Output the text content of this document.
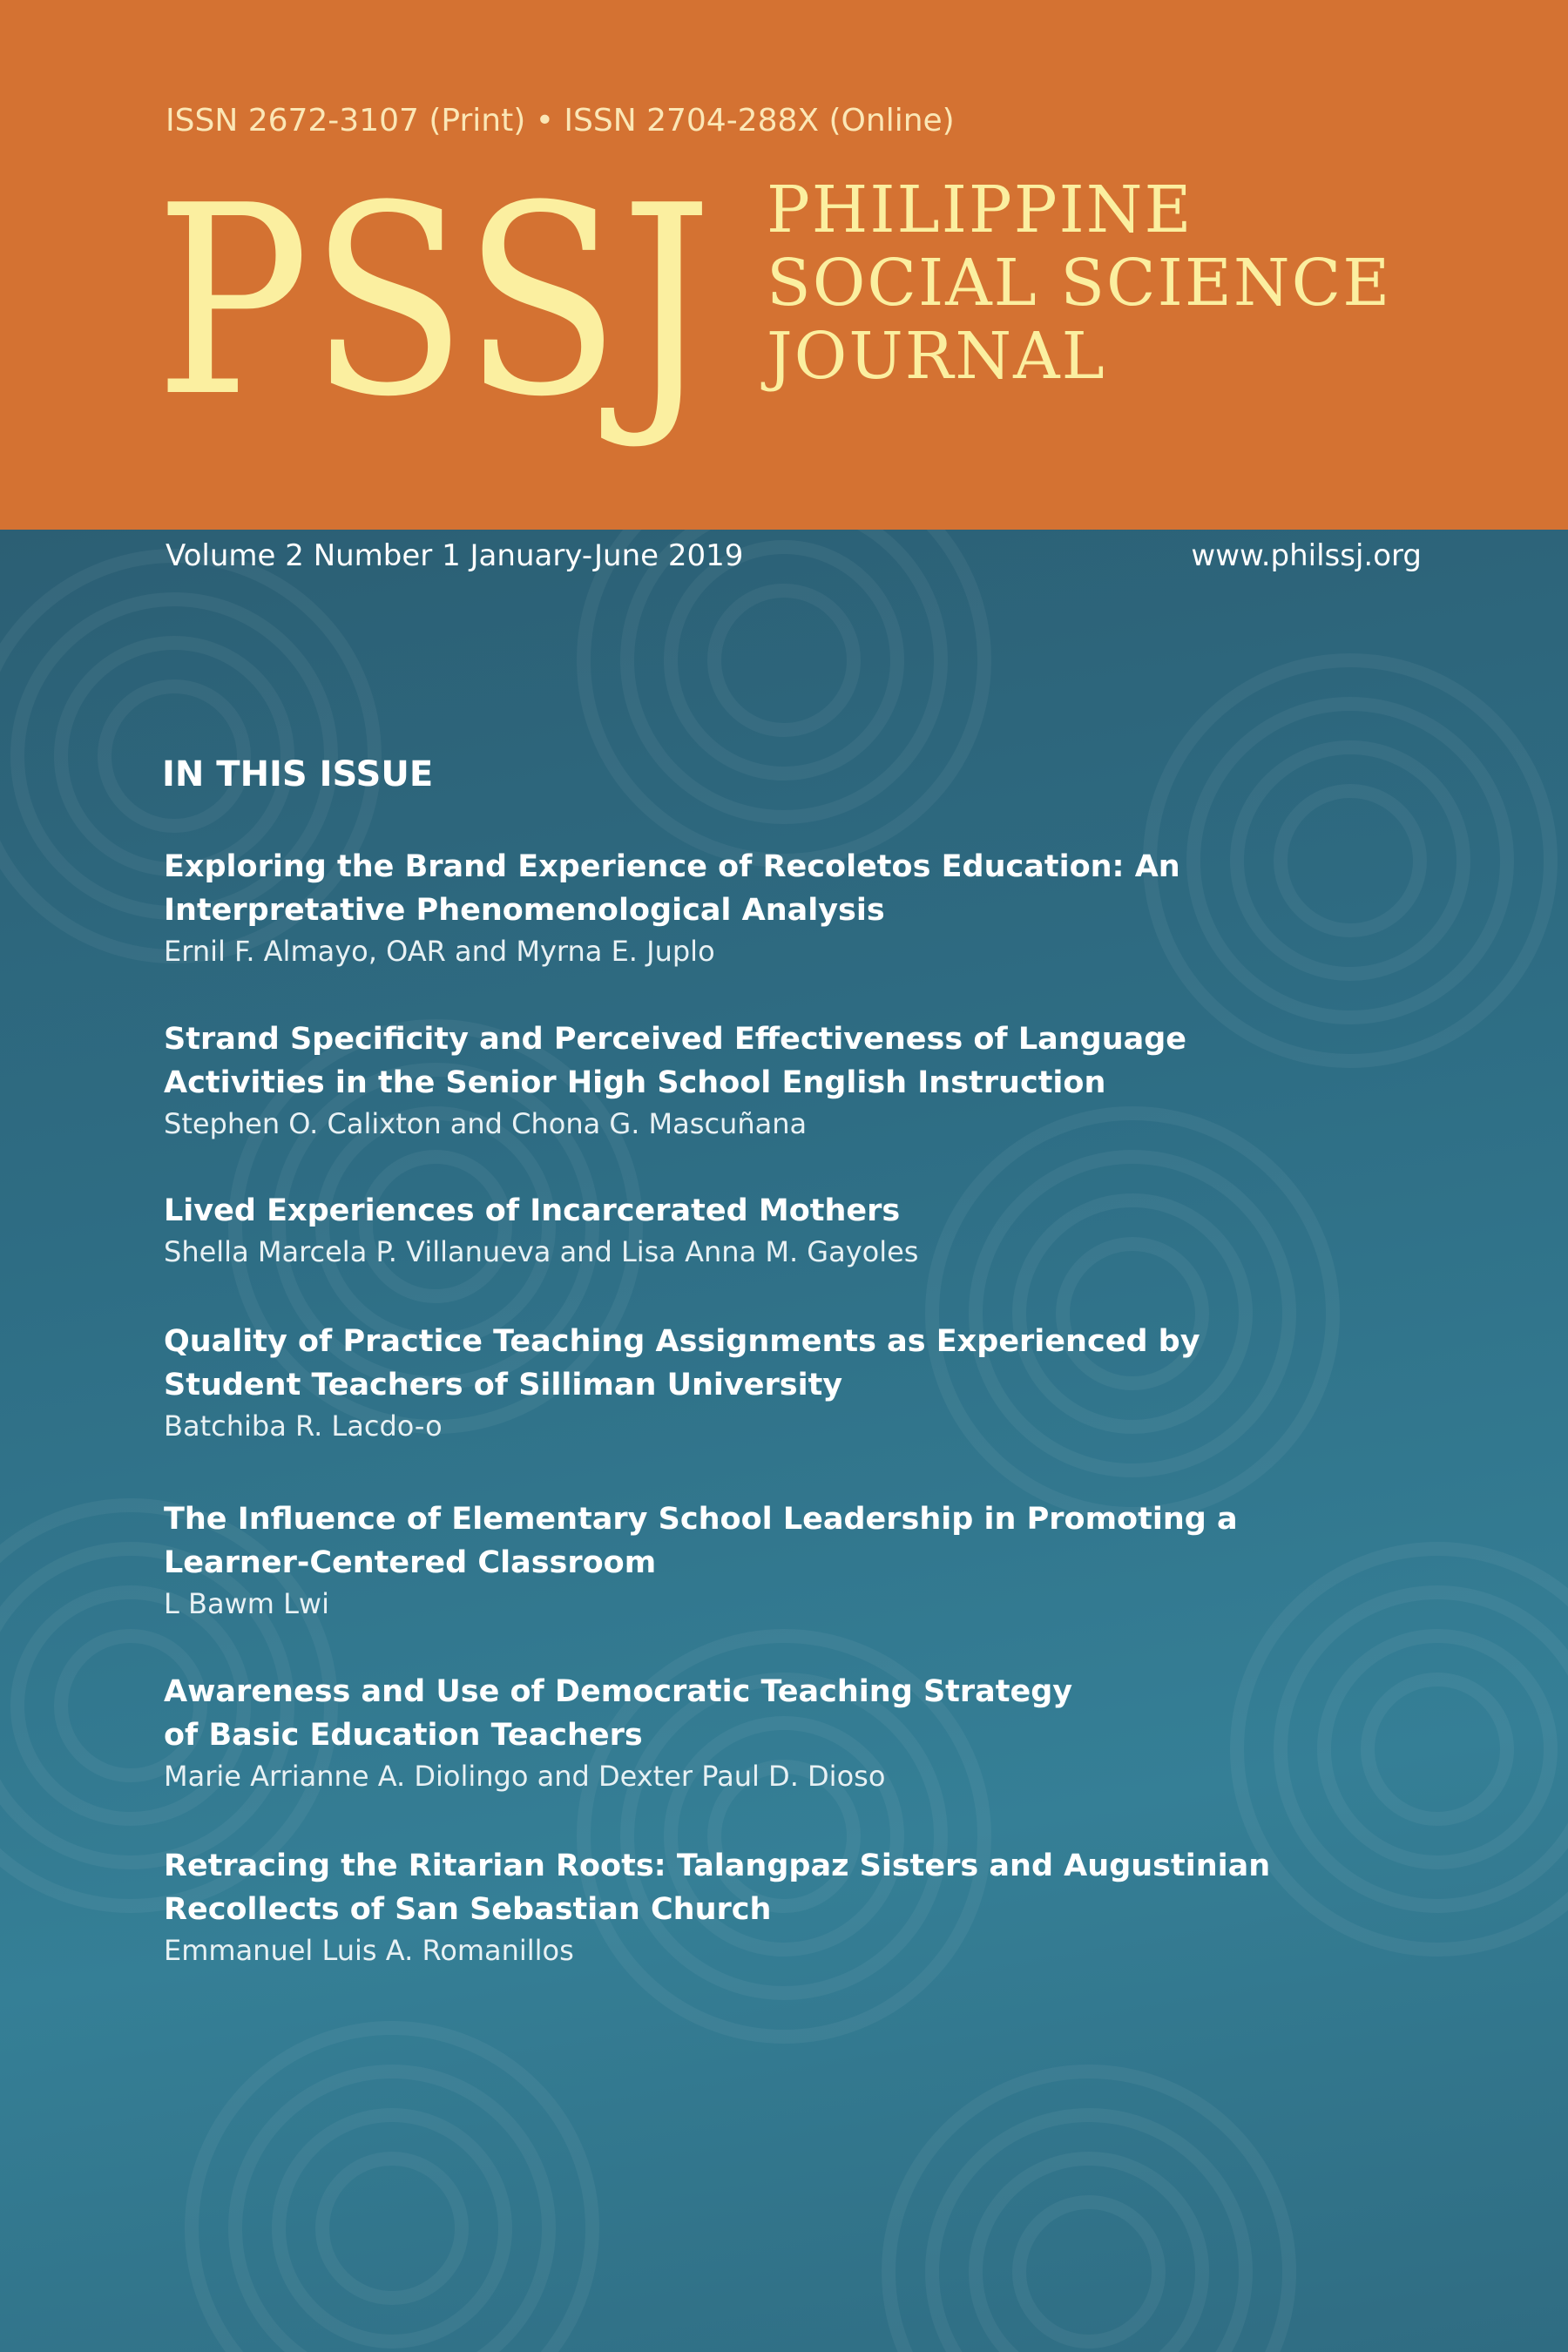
ISSN 2672-3107 (Print) • ISSN 2704-288X (Online)
PSSJ PHILIPPINE
SOCIAL SCIENCE
JOURNAL
Volume 2 Number 1 January-June 2019	www.philssj.org
IN THIS ISSUE
Exploring the Brand Experience of Recoletos Education: An
Interpretative Phenomenological Analysis
Ernil F. Almayo, OAR and Myrna E. Juplo
Strand Specificity and Perceived Effectiveness of Language
Activities in the Senior High School English Instruction
Stephen O. Calixton and Chona G. Mascuñana
Lived Experiences of Incarcerated Mothers
Shella Marcela P. Villanueva and Lisa Anna M. Gayoles
Quality of Practice Teaching Assignments as Experienced by
Student Teachers of Silliman University
Batchiba R. Lacdo-o
The Influence of Elementary School Leadership in Promoting a
Learner-Centered Classroom
L Bawm Lwi
Awareness and Use of Democratic Teaching Strategy
of Basic Education Teachers
Marie Arrianne A. Diolingo and Dexter Paul D. Dioso
Retracing the Ritarian Roots: Talangpaz Sisters and Augustinian
Recollects of San Sebastian Church
Emmanuel Luis A. Romanillos
